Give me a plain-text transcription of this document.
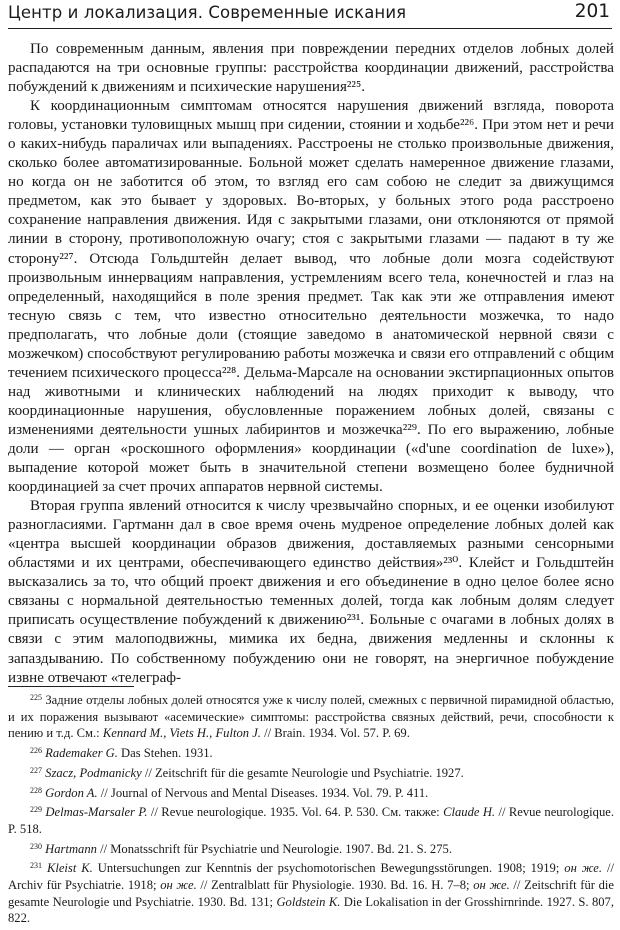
Центр и локализация. Современные искания	201

По современным данным, явления при повреждении передних отделов лобных долей распадаются на три основные группы: расстройства координации движений, расстройства побуждений к движениям и психические нарушения²²⁵.

К координационным симптомам относятся нарушения движений взгляда, поворота головы, установки туловищных мышц при сидении, стоянии и ходьбе²²⁶. При этом нет и речи о каких-нибудь параличах или выпадениях. Расстроены не столько произвольные движения, сколько более автоматизированные. Больной может сделать намеренное движение глазами, но когда он не заботится об этом, то взгляд его сам собою не следит за движущимся предметом, как это бывает у здоровых. Во-вторых, у больных этого рода расстроено сохранение направления движения. Идя с закрытыми глазами, они отклоняются от прямой линии в сторону, противоположную очагу; стоя с закрытыми глазами — падают в ту же сторону²²⁷. Отсюда Гольдштейн делает вывод, что лобные доли мозга содействуют произвольным иннервациям направления, устремлениям всего тела, конечностей и глаз на определенный, находящийся в поле зрения предмет. Так как эти же отправления имеют тесную связь с тем, что известно относительно деятельности мозжечка, то надо предполагать, что лобные доли (стоящие заведомо в анатомической нервной связи с мозжечком) способствуют регулированию работы мозжечка и связи его отправлений с общим течением психического процесса²²⁸. Дельма-Марсале на основании экстирпационных опытов над животными и клинических наблюдений на людях приходит к выводу, что координационные нарушения, обусловленные поражением лобных долей, связаны с изменениями деятельности ушных лабиринтов и мозжечка²²⁹. По его выражению, лобные доли — орган «роскошного оформления» координации («d'une coordination de luxe»), выпадение которой может быть в значительной степени возмещено более будничной координацией за счет прочих аппаратов нервной системы.

Вторая группа явлений относится к числу чрезвычайно спорных, и ее оценки изобилуют разногласиями. Гартманн дал в свое время очень мудреное определение лобных долей как «центра высшей координации образов движения, доставляемых разными сенсорными областями и их центрами, обеспечивающего единство действия»²³⁰. Клейст и Гольдштейн высказались за то, что общий проект движения и его объединение в одно целое более ясно связаны с нормальной деятельностью теменных долей, тогда как лобным долям следует приписать осуществление побуждений к движению²³¹. Больные с очагами в лобных долях в связи с этим малоподвижны, мимика их бедна, движения медленны и склонны к запаздыванию. По собственному побуждению они не говорят, на энергичное побуждение извне отвечают «телеграф-

$^{225}$ Задние отделы лобных долей относятся уже к числу полей, смежных с первичной пирамидной областью, и их поражения вызывают «асемические» симптомы: расстройства связных действий, речи, способности к пению и т.д. См.: Kennard M., Viets H., Fulton J. // Brain. 1934. Vol. 57. P. 69.

$^{226}$ Rademaker G. Das Stehen. 1931.

$^{227}$ Szacz, Podmanicky // Zeitschrift für die gesamte Neurologie und Psychiatrie. 1927.

$^{228}$ Gordon A. // Journal of Nervous and Mental Diseases. 1934. Vol. 79. P. 411.

$^{229}$ Delmas-Marsaler P. // Revue neurologique. 1935. Vol. 64. P. 530. См. также: Claude H. // Revue neurologique. P. 518.

$^{230}$ Hartmann // Monatsschrift für Psychiatrie und Neurologie. 1907. Bd. 21. S. 275.

$^{231}$ Kleist K. Untersuchungen zur Kenntnis der psychomotorischen Bewegungsstörungen. 1908; 1919; он же. // Archiv für Psychiatrie. 1918; он же. // Zentralblatt für Physiologie. 1930. Bd. 16. H. 7–8; он же. // Zeitschrift für die gesamte Neurologie und Psychiatrie. 1930. Bd. 131; Goldstein K. Die Lokalisation in der Grosshirnrinde. 1927. S. 807, 822.
